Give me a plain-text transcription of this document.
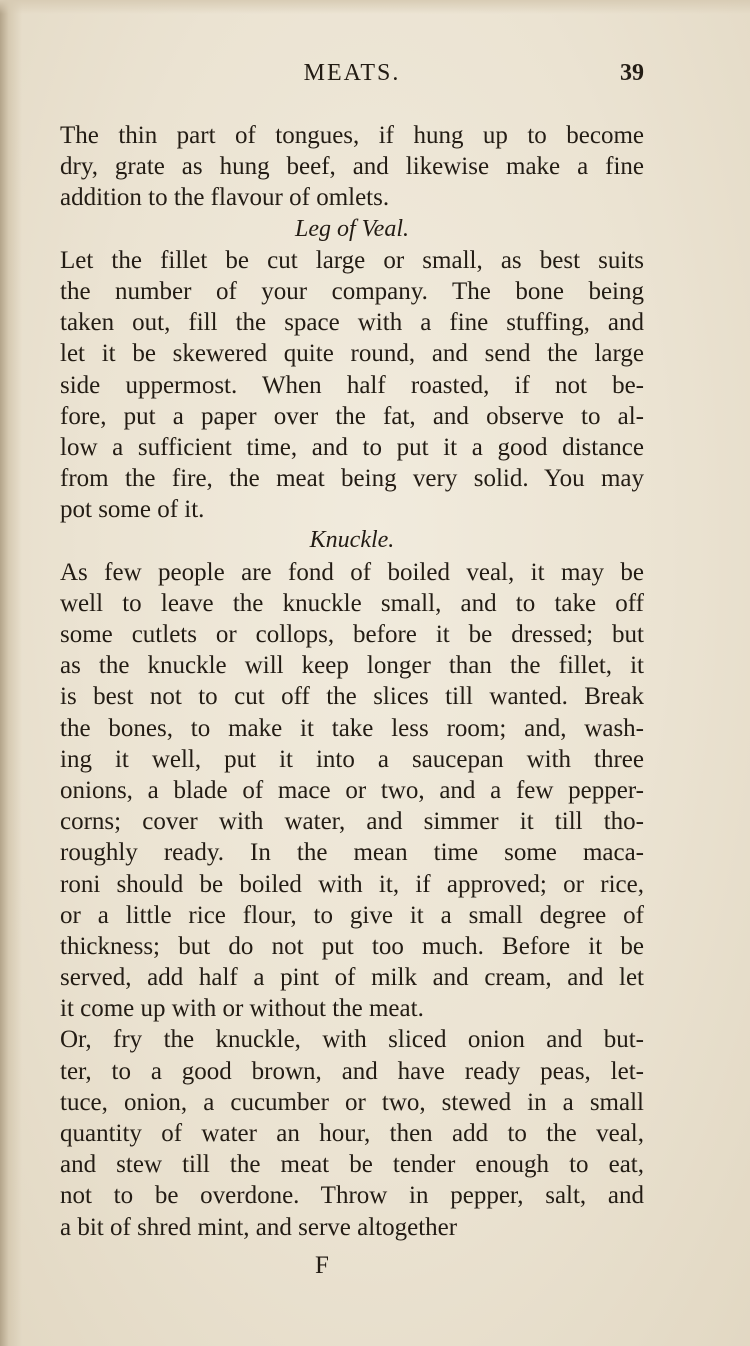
MEATS.	39
The thin part of tongues, if hung up to become
dry, grate as hung beef, and likewise make a fine
addition to the flavour of omlets.
Leg of Veal.
Let the fillet be cut large or small, as best suits
the number of your company. The bone being
taken out, fill the space with a fine stuffing, and
let it be skewered quite round, and send the large
side uppermost. When half roasted, if not be-
fore, put a paper over the fat, and observe to al-
low a sufficient time, and to put it a good distance
from the fire, the meat being very solid. You may
pot some of it.
Knuckle.
As few people are fond of boiled veal, it may be
well to leave the knuckle small, and to take off
some cutlets or collops, before it be dressed; but
as the knuckle will keep longer than the fillet, it
is best not to cut off the slices till wanted. Break
the bones, to make it take less room; and, wash-
ing it well, put it into a saucepan with three
onions, a blade of mace or two, and a few pepper-
corns; cover with water, and simmer it till tho-
roughly ready. In the mean time some maca-
roni should be boiled with it, if approved; or rice,
or a little rice flour, to give it a small degree of
thickness; but do not put too much. Before it be
served, add half a pint of milk and cream, and let
it come up with or without the meat.
Or, fry the knuckle, with sliced onion and but-
ter, to a good brown, and have ready peas, let-
tuce, onion, a cucumber or two, stewed in a small
quantity of water an hour, then add to the veal,
and stew till the meat be tender enough to eat,
not to be overdone. Throw in pepper, salt, and
a bit of shred mint, and serve altogether
F
